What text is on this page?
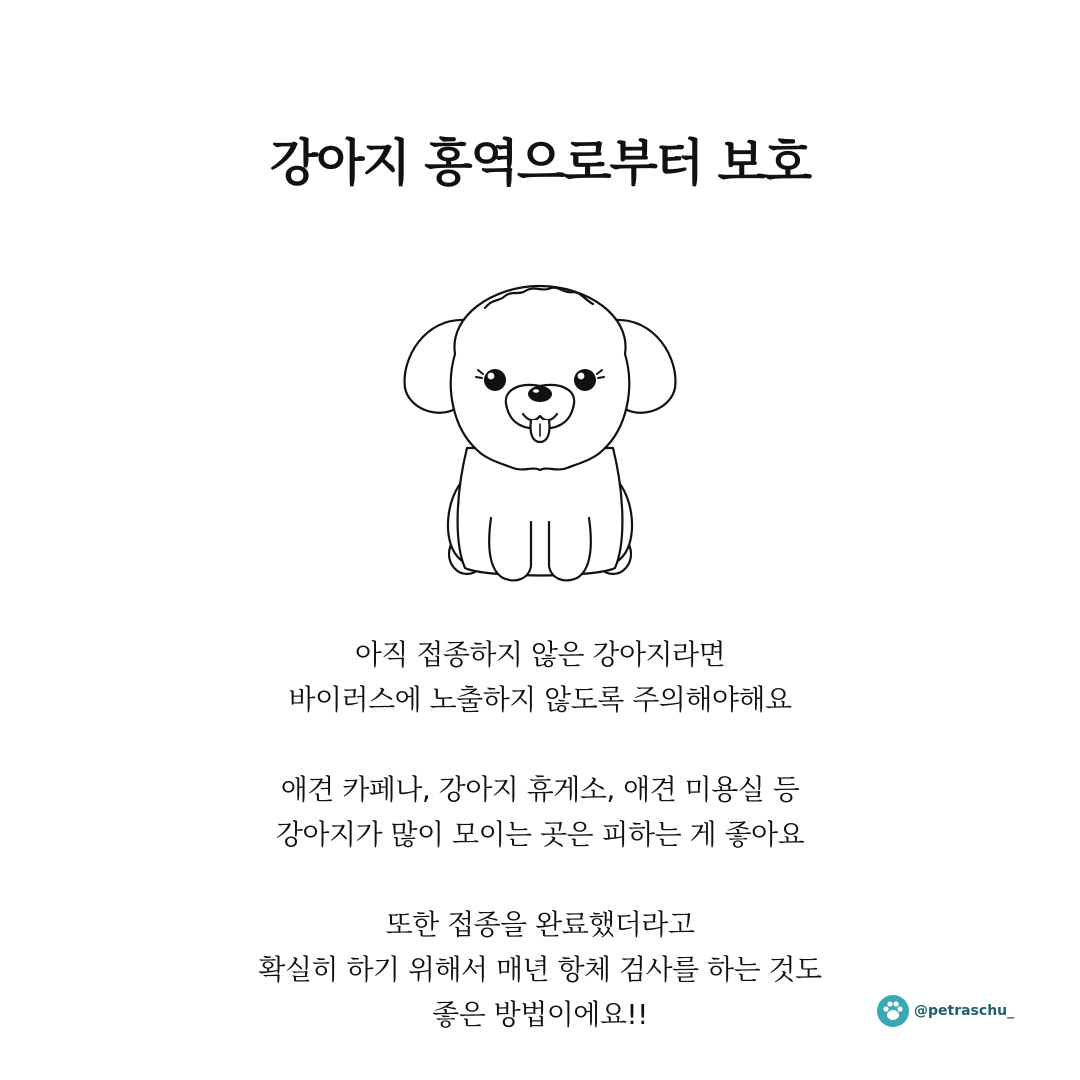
강아지 홍역으로부터 보호

아직 접종하지 않은 강아지라면
바이러스에 노출하지 않도록 주의해야해요

애견 카페나, 강아지 휴게소, 애견 미용실 등
강아지가 많이 모이는 곳은 피하는 게 좋아요

또한 접종을 완료했더라고
확실히 하기 위해서 매년 항체 검사를 하는 것도
좋은 방법이에요!!	@petraschu_
